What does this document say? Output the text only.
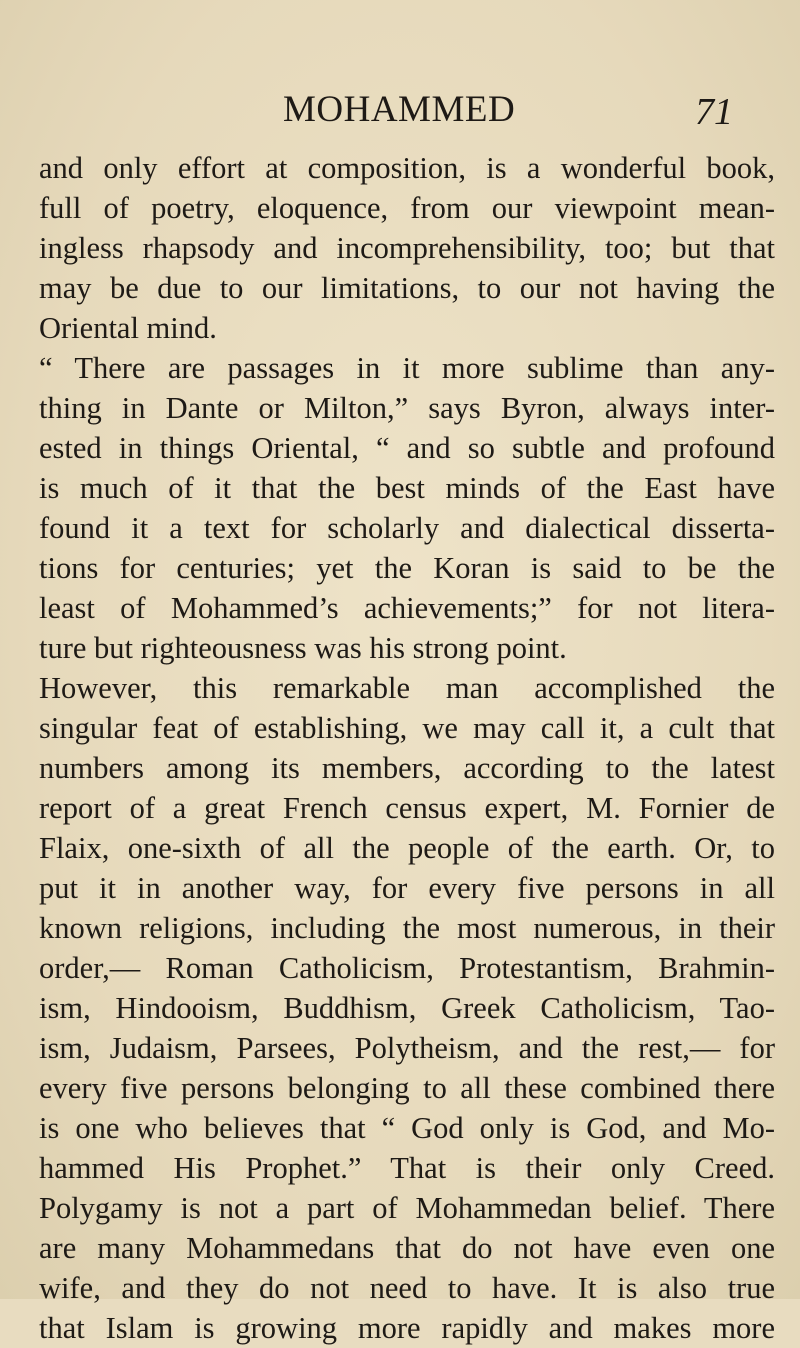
MOHAMMED	71
and only effort at composition, is a wonderful book,
full of poetry, eloquence, from our viewpoint mean-
ingless rhapsody and incomprehensibility, too; but that
may be due to our limitations, to our not having the
Oriental mind.
“ There are passages in it more sublime than any-
thing in Dante or Milton,” says Byron, always inter-
ested in things Oriental, “ and so subtle and profound
is much of it that the best minds of the East have
found it a text for scholarly and dialectical disserta-
tions for centuries; yet the Koran is said to be the
least of Mohammed’s achievements;” for not litera-
ture but righteousness was his strong point.
However, this remarkable man accomplished the
singular feat of establishing, we may call it, a cult that
numbers among its members, according to the latest
report of a great French census expert, M. Fornier de
Flaix, one-sixth of all the people of the earth. Or, to
put it in another way, for every five persons in all
known religions, including the most numerous, in their
order,— Roman Catholicism, Protestantism, Brahmin-
ism, Hindooism, Buddhism, Greek Catholicism, Tao-
ism, Judaism, Parsees, Polytheism, and the rest,— for
every five persons belonging to all these combined there
is one who believes that “ God only is God, and Mo-
hammed His Prophet.” That is their only Creed.
Polygamy is not a part of Mohammedan belief. There
are many Mohammedans that do not have even one
wife, and they do not need to have. It is also true
that Islam is growing more rapidly and makes more
